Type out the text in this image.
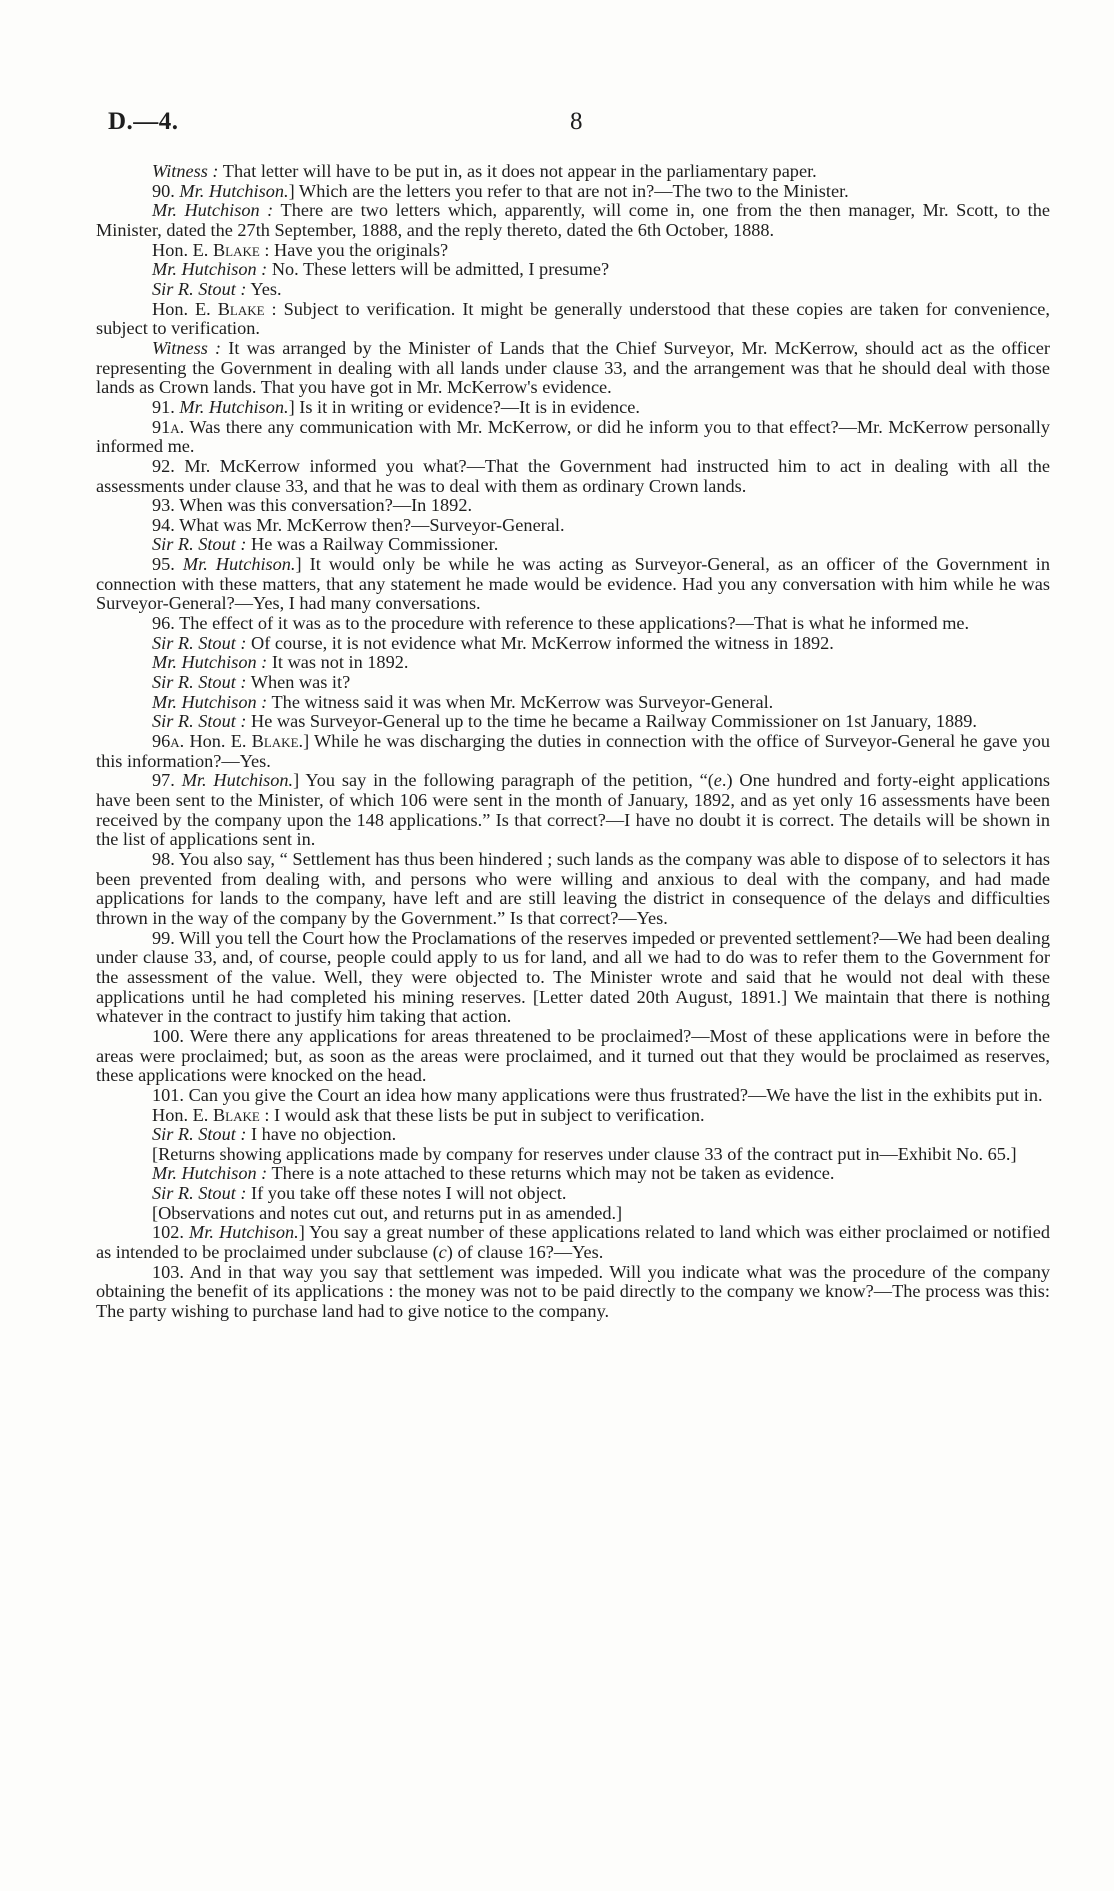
D.—4.	8

Witness : That letter will have to be put in, as it does not appear in the parliamentary paper.

90. Mr. Hutchison.] Which are the letters you refer to that are not in?—The two to the Minister.

Mr. Hutchison : There are two letters which, apparently, will come in, one from the then manager, Mr. Scott, to the Minister, dated the 27th September, 1888, and the reply thereto, dated the 6th October, 1888.

Hon. E. Blake : Have you the originals?

Mr. Hutchison : No. These letters will be admitted, I presume?

Sir R. Stout : Yes.

Hon. E. Blake : Subject to verification. It might be generally understood that these copies are taken for convenience, subject to verification.

Witness : It was arranged by the Minister of Lands that the Chief Surveyor, Mr. McKerrow, should act as the officer representing the Government in dealing with all lands under clause 33, and the arrangement was that he should deal with those lands as Crown lands. That you have got in Mr. McKerrow's evidence.

91. Mr. Hutchison.] Is it in writing or evidence?—It is in evidence.

91a. Was there any communication with Mr. McKerrow, or did he inform you to that effect?—Mr. McKerrow personally informed me.

92. Mr. McKerrow informed you what?—That the Government had instructed him to act in dealing with all the assessments under clause 33, and that he was to deal with them as ordinary Crown lands.

93. When was this conversation?—In 1892.

94. What was Mr. McKerrow then?—Surveyor-General.

Sir R. Stout : He was a Railway Commissioner.

95. Mr. Hutchison.] It would only be while he was acting as Surveyor-General, as an officer of the Government in connection with these matters, that any statement he made would be evidence. Had you any conversation with him while he was Surveyor-General?—Yes, I had many conversations.

96. The effect of it was as to the procedure with reference to these applications?—That is what he informed me.

Sir R. Stout : Of course, it is not evidence what Mr. McKerrow informed the witness in 1892.

Mr. Hutchison : It was not in 1892.

Sir R. Stout : When was it?

Mr. Hutchison : The witness said it was when Mr. McKerrow was Surveyor-General.

Sir R. Stout : He was Surveyor-General up to the time he became a Railway Commissioner on 1st January, 1889.

96a. Hon. E. Blake.] While he was discharging the duties in connection with the office of Surveyor-General he gave you this information?—Yes.

97. Mr. Hutchison.] You say in the following paragraph of the petition, “(e.) One hundred and forty-eight applications have been sent to the Minister, of which 106 were sent in the month of January, 1892, and as yet only 16 assessments have been received by the company upon the 148 applications.” Is that correct?—I have no doubt it is correct. The details will be shown in the list of applications sent in.

98. You also say, “ Settlement has thus been hindered ; such lands as the company was able to dispose of to selectors it has been prevented from dealing with, and persons who were willing and anxious to deal with the company, and had made applications for lands to the company, have left and are still leaving the district in consequence of the delays and difficulties thrown in the way of the company by the Government.” Is that correct?—Yes.

99. Will you tell the Court how the Proclamations of the reserves impeded or prevented settlement?—We had been dealing under clause 33, and, of course, people could apply to us for land, and all we had to do was to refer them to the Government for the assessment of the value. Well, they were objected to. The Minister wrote and said that he would not deal with these applications until he had completed his mining reserves. [Letter dated 20th August, 1891.] We maintain that there is nothing whatever in the contract to justify him taking that action.

100. Were there any applications for areas threatened to be proclaimed?—Most of these applications were in before the areas were proclaimed; but, as soon as the areas were proclaimed, and it turned out that they would be proclaimed as reserves, these applications were knocked on the head.

101. Can you give the Court an idea how many applications were thus frustrated?—We have the list in the exhibits put in.

Hon. E. Blake : I would ask that these lists be put in subject to verification.

Sir R. Stout : I have no objection.

[Returns showing applications made by company for reserves under clause 33 of the contract put in—Exhibit No. 65.]

Mr. Hutchison : There is a note attached to these returns which may not be taken as evidence.

Sir R. Stout : If you take off these notes I will not object.

[Observations and notes cut out, and returns put in as amended.]

102. Mr. Hutchison.] You say a great number of these applications related to land which was either proclaimed or notified as intended to be proclaimed under subclause (c) of clause 16?—Yes.

103. And in that way you say that settlement was impeded. Will you indicate what was the procedure of the company obtaining the benefit of its applications : the money was not to be paid directly to the company we know?—The process was this: The party wishing to purchase land had to give notice to the company.
